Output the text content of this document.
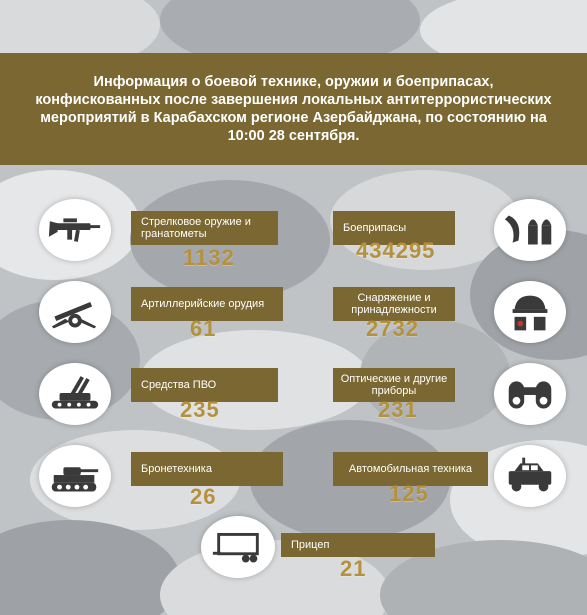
Информация о боевой технике, оружии и боеприпасах, конфискованных после завершения локальных антитеррористических мероприятий в Карабахском регионе Азербайджана, по состоянию на 10:00 28 сентября.

Стрелковое оружие и гранатометы
1132
Боеприпасы
434295
Артиллерийские орудия
61
Снаряжение и принадлежности
2732
Средства ПВО
235
Оптические и другие приборы
231
Бронетехника
26
Автомобильная техника
125
Прицеп
21
